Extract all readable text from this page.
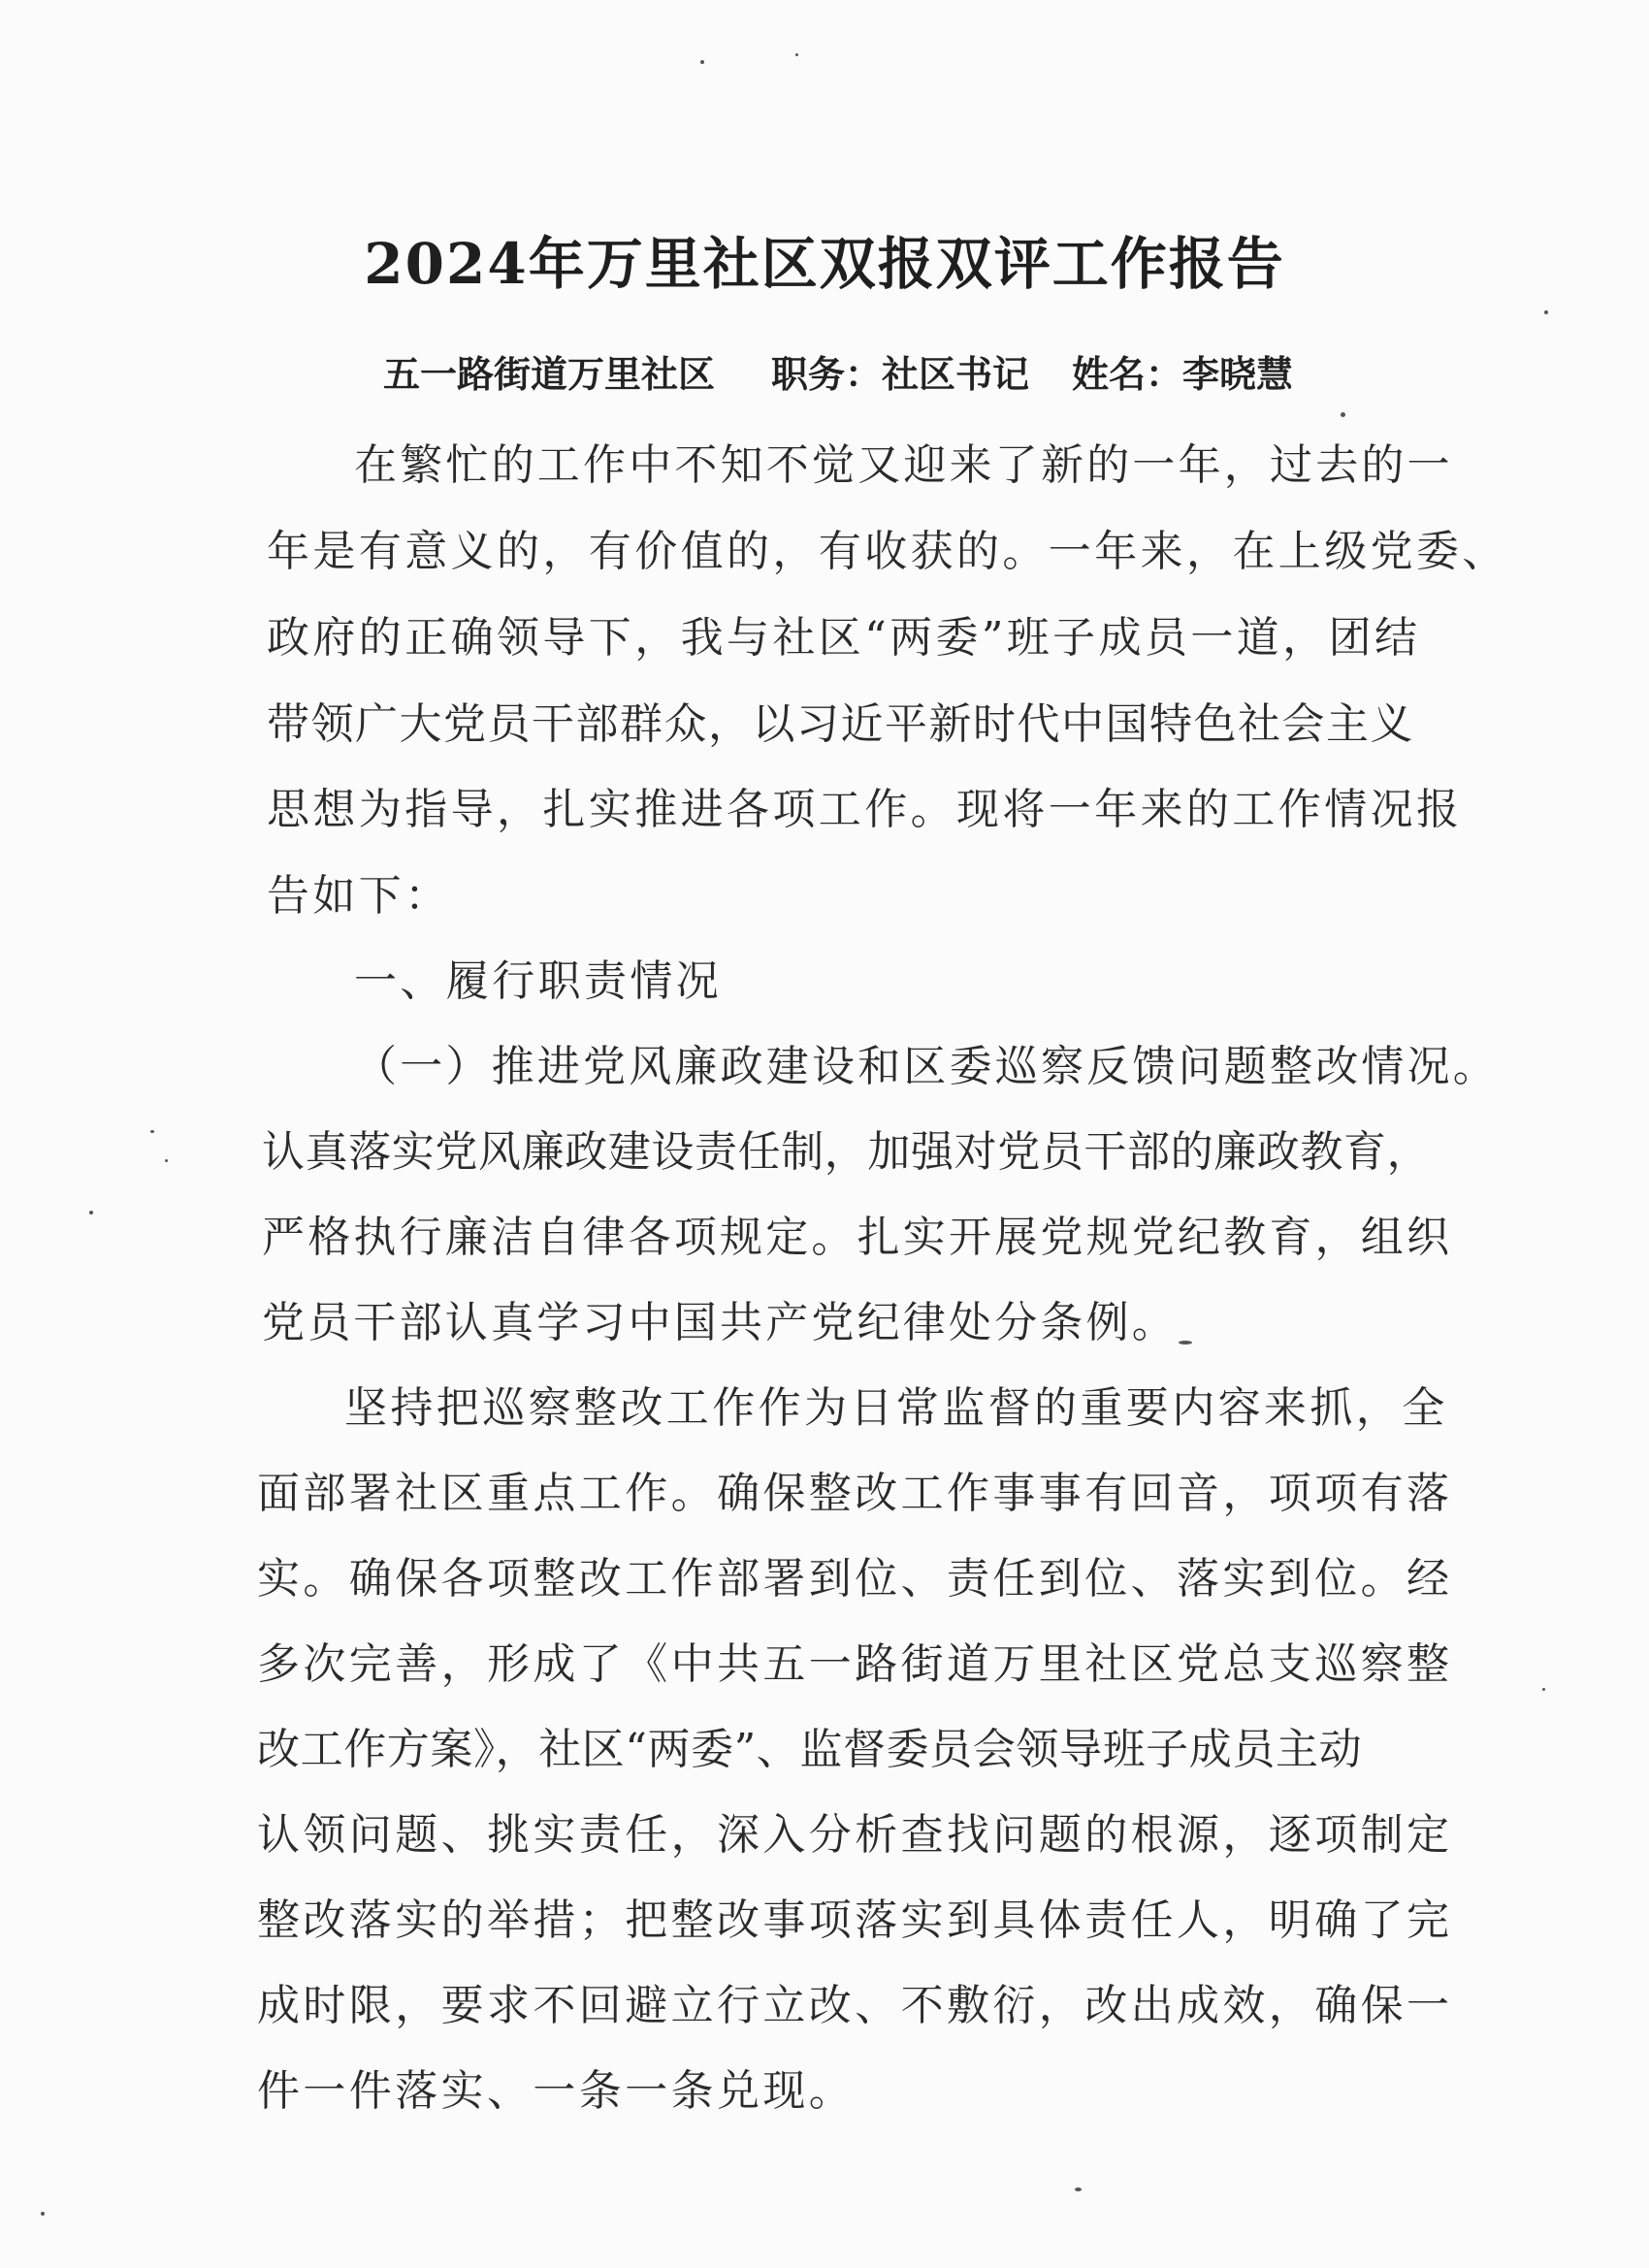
2024年万里社区双报双评工作报告
五一路街道万里社区 职务：社区书记 姓名：李晓慧
在繁忙的工作中不知不觉又迎来了新的一年，过去的一
年是有意义的，有价值的，有收获的。一年来，在上级党委、
政府的正确领导下，我与社区“两委”班子成员一道，团结
带领广大党员干部群众，以习近平新时代中国特色社会主义
思想为指导，扎实推进各项工作。现将一年来的工作情况报
告如下：
一、履行职责情况
（一）推进党风廉政建设和区委巡察反馈问题整改情况。
认真落实党风廉政建设责任制，加强对党员干部的廉政教育，
严格执行廉洁自律各项规定。扎实开展党规党纪教育，组织
党员干部认真学习中国共产党纪律处分条例。
坚持把巡察整改工作作为日常监督的重要内容来抓，全
面部署社区重点工作。确保整改工作事事有回音，项项有落
实。确保各项整改工作部署到位、责任到位、落实到位。经
多次完善，形成了《中共五一路街道万里社区党总支巡察整
改工作方案》，社区“两委”、监督委员会领导班子成员主动
认领问题、挑实责任，深入分析查找问题的根源，逐项制定
整改落实的举措；把整改事项落实到具体责任人，明确了完
成时限，要求不回避立行立改、不敷衍，改出成效，确保一
件一件落实、一条一条兑现。
